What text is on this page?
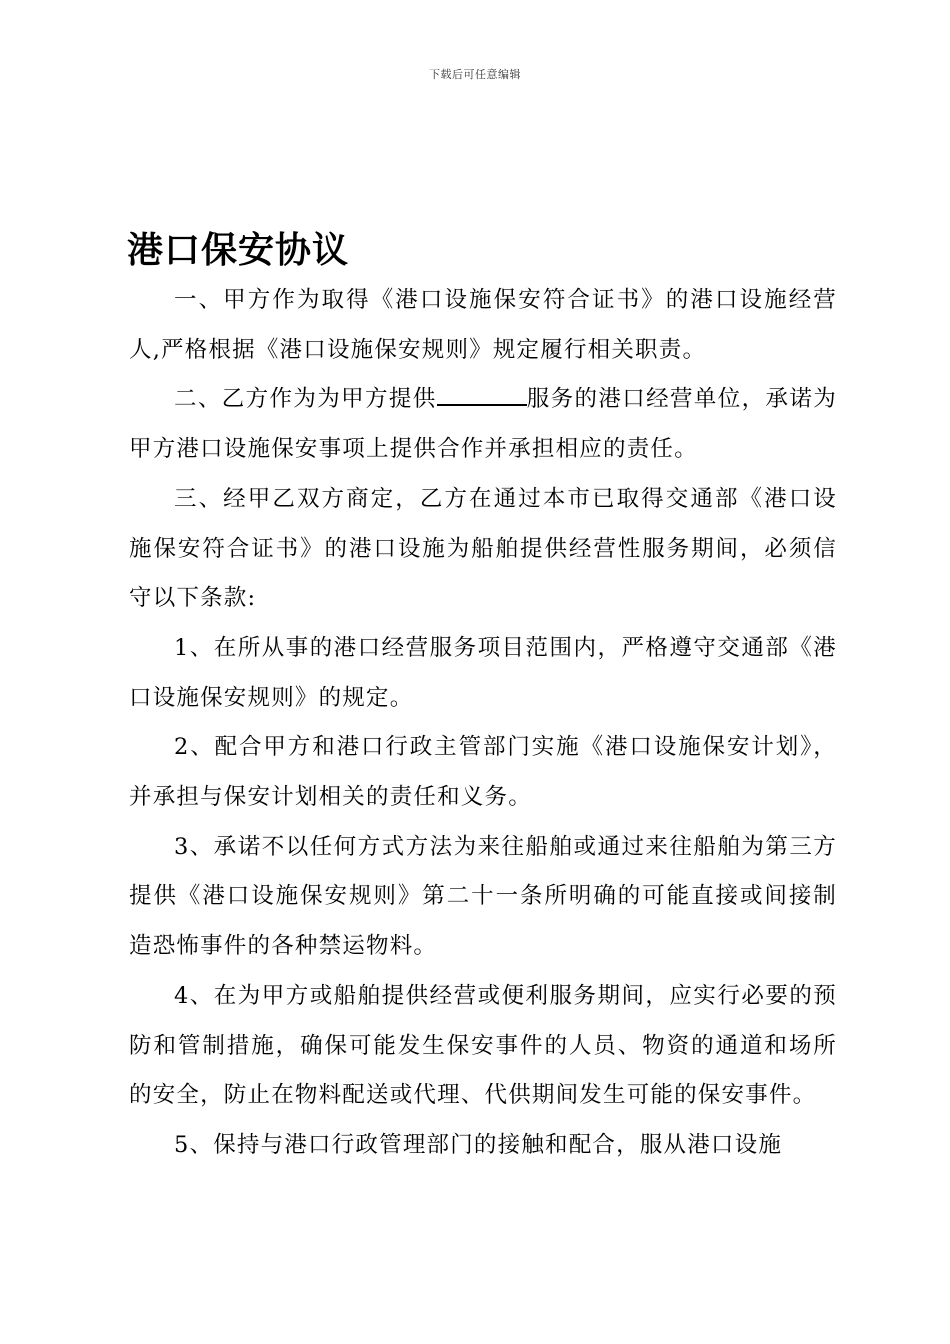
下载后可任意编辑
港口保安协议

一、甲方作为取得《港口设施保安符合证书》的港口设施经营人,严格根据《港口设施保安规则》规定履行相关职责。

二、乙方作为为甲方提供	服务的港口经营单位，承诺为甲方港口设施保安事项上提供合作并承担相应的责任。

三、经甲乙双方商定，乙方在通过本市已取得交通部《港口设施保安符合证书》的港口设施为船舶提供经营性服务期间，必须信守以下条款:

1、在所从事的港口经营服务项目范围内，严格遵守交通部《港口设施保安规则》的规定。

2、配合甲方和港口行政主管部门实施《港口设施保安计划》，并承担与保安计划相关的责任和义务。

3、承诺不以任何方式方法为来往船舶或通过来往船舶为第三方提供《港口设施保安规则》第二十一条所明确的可能直接或间接制造恐怖事件的各种禁运物料。

4、在为甲方或船舶提供经营或便利服务期间，应实行必要的预防和管制措施，确保可能发生保安事件的人员、物资的通道和场所的安全，防止在物料配送或代理、代供期间发生可能的保安事件。

5、保持与港口行政管理部门的接触和配合，服从港口设施
